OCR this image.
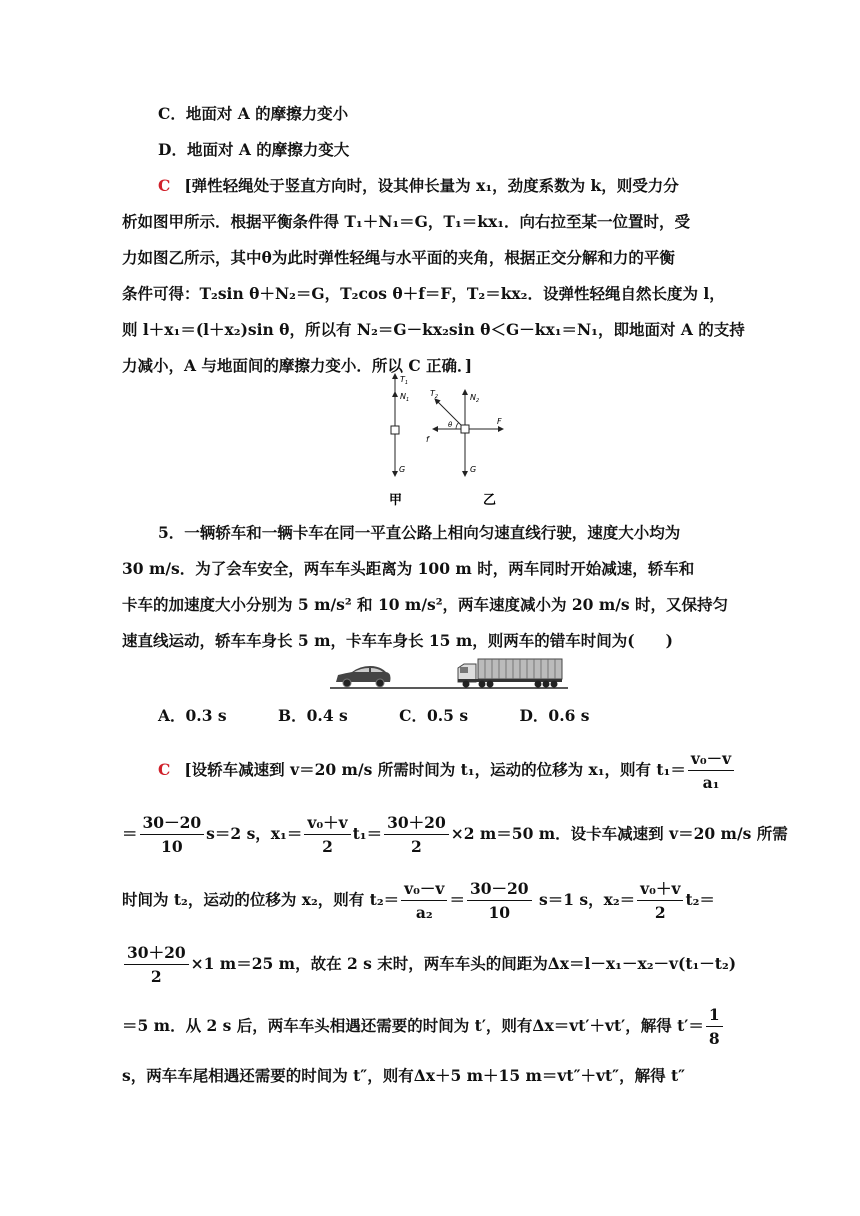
C．地面对 A 的摩擦力变小
D．地面对 A 的摩擦力变大
C [弹性轻绳处于竖直方向时，设其伸长量为 x₁，劲度系数为 k，则受力分
析如图甲所示．根据平衡条件得 T₁＋N₁＝G，T₁＝kx₁．向右拉至某一位置时，受
力如图乙所示，其中θ为此时弹性轻绳与水平面的夹角，根据正交分解和力的平衡
条件可得：T₂sin θ＋N₂＝G，T₂cos θ＋f＝F，T₂＝kx₂．设弹性轻绳自然长度为 l，
则 l＋x₁＝(l＋x₂)sin θ，所以有 N₂＝G－kx₂sin θ＜G－kx₁＝N₁，即地面对 A 的支持
力减小，A 与地面间的摩擦力变小．所以 C 正确．]
$T_1$
$N_1$
G
甲
$T_2$	$N_2$
F
f
θ
G
乙
5．一辆轿车和一辆卡车在同一平直公路上相向匀速直线行驶，速度大小均为
30 m/s．为了会车安全，两车车头距离为 100 m 时，两车同时开始减速，轿车和
卡车的加速度大小分别为 5 m/s² 和 10 m/s²，两车速度减小为 20 m/s 时，又保持匀
速直线运动，轿车车身长 5 m，卡车车身长 15 m，则两车的错车时间为(　　)
A．0.3 s	B．0.4 s	C．0.5 s	D．0.6 s
C [设轿车减速到 v＝20 m/s 所需时间为 t₁，运动的位移为 x₁，则有 $t_1= \frac{\text{v₀－v}}{\text{a₁}}$
＝ $\frac{30-20}{10} s=2$ s，$x_1= \frac{\text{v₀＋v}}{2} t_1= \frac{30+20}{2} \times 2$ m＝50 m．设卡车减速到 v＝20 m/s 所需
时间为 t₂，运动的位移为 x₂，则有 $t_2= \frac{\text{v₀－v}}{\text{a₂}} = \frac{30-20}{10} s=1$ s，$x_2= \frac{\text{v₀＋v}}{2} t_2=$
$\frac{30+20}{2} \times 1$ m＝25 m，故在 2 s 末时，两车车头的间距为Δx＝l－x₁－x₂－v(t₁－t₂)
＝5 m．从 2 s 后，两车车头相遇还需要的时间为 t′，则有Δx＝vt′＋vt′，解得 $t'= \frac{1}{8}$
s，两车车尾相遇还需要的时间为 t″，则有Δx＋5 m＋15 m＝vt″＋vt″，解得 t″
